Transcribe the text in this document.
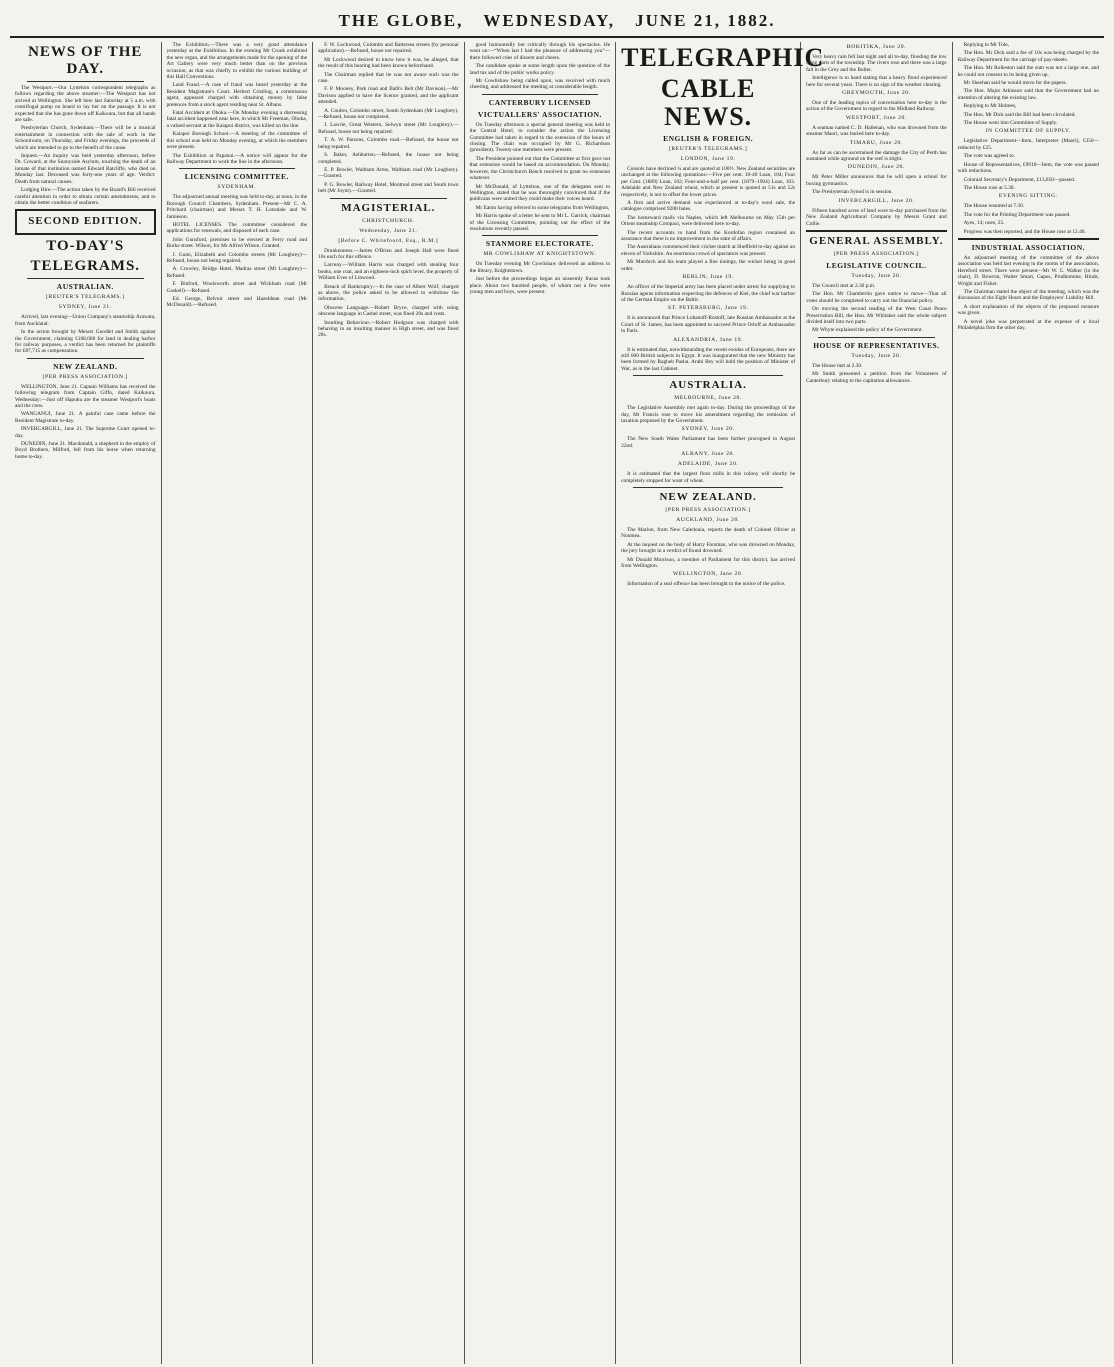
THE GLOBE, WEDNESDAY, JUNE 21, 1882.
NEWS OF THE DAY.

The Westport.—Our Lyttelton correspondent telegraphs as follows regarding the above steamer:—The Westport has not arrived at Wellington. She left here last Saturday at 5 a.m. with centrifugal pump on board to lay her on the passage. It is not expected that she has gone down off Kaikoura, but that all hands are safe.

Presbyterian Church, Sydenham.—There will be a musical entertainment in connection with the sale of work in the Schoolroom, on Thursday, and Friday evenings, the proceeds of which are intended to go to the benefit of the cause.

Inquest.—An inquiry was held yesterday afternoon, before Dr. Coward, at the Sunnyside Asylum, touching the death of an inmate of that institution named Edward Ratcliffe, who died on Monday last. Deceased was forty-one years of age. Verdict: Death from natural causes.

Lodging Hire.—The action taken by the Board's Bill received careful attention in order to obtain certain amendments, and to obtain the better condition of seafarers.

SECOND EDITION.
TO-DAY'S
TELEGRAMS.
AUSTRALIAN.
[REUTER'S TELEGRAMS.]
SYDNEY, June 21.

Arrived, last evening—Union Company's steamship Arawata, from Auckland.

In the action brought by Messrs Goodlet and Smith against the Government, claiming £168,000 for land in dealing harbor for railway purposes, a verdict has been returned for plaintiffs for £87,715 as compensation.

NEW ZEALAND.
[PER PRESS ASSOCIATION.]

WELLINGTON, June 21. Captain Williams has received the following telegram from Captain Giffo, dated Kaikoura, Wednesday:—Just off Hapuku are the steamer Westport's boats and the crew.

WANGANUI, June 21. A painful case came before the Resident Magistrate to-day.

INVERCARGILL, June 21. The Supreme Court opened to-day.

DUNEDIN, June 21. Macdonald, a shepherd in the employ of Boyd Brothers, Milford, fell from his horse when returning home to-day.

The Exhibition.—There was a very good attendance yesterday at the Exhibition. In the evening Mr Crook exhibited the new organ, and the arrangements made for the opening of the Art Gallery were very much better than on the previous occasion, as that was chiefly to exhibit the various building of this Hall Conventions.

Land Fraud.—A case of fraud was heard yesterday at the Resident Magistrate's Court. Herbert Cristling, a commission agent, appeared charged with obtaining money by false pretences from a stock agent residing near St. Albans.

Fatal Accident at Ohoka.—On Monday evening a distressing fatal accident happened near here, in which Mr Freeman, Ohoka, a valued servant at the Kaiapoi district, was killed on the line.

Kaiapoi Borough School.—A meeting of the committee of this school was held on Monday evening, at which the members were present.

The Exhibition at Papanui.—A notice will appear for the Railway Department to work the line in the afternoon.

LICENSING COMMITTEE.
SYDENHAM.

The adjourned annual meeting was held to-day, at noon, in the Borough Council Chambers, Sydenham. Present—Mr C. A. Pritchard (chairman) and Messrs T. H. Lonsdale and W. Jamieson.

HOTEL LICENSES. The committee considered the applications for renewals, and disposed of each case.

John Gunsford, premises to be erected at Ferry road and Burke street. Wilson, for Mr Alfred Wilson. Granted.

J. Gunn, Elizabeth and Colombo streets (Mr Loughrey)—Refused, house not being repaired.

A. Crowley, Bridge Hotel, Madras street (Mr Loughrey)—Refused.

F. Binford, Woolsworth street and Wickham road (Mr Gaskell).—Refused.

Ed. George, Belvoir street and Hazeldean road (Mr McDonald).—Refused.

F. W. Lockwood, Colombo and Battersea streets (by personal application).—Refused, house not repaired.

Mr Lockwood desired to know how it was, he alleged, that the result of this hearing had been known beforehand.

The Chairman replied that he was not aware such was the case.

F. P. Mooney, Park road and Bath's Belt (Mr Davison).—Mr Davison applied to have the licence granted, and the applicant attended.

A. Coubro, Colombo street, South Sydenham (Mr Loughrey).—Refused, house not completed.

J. Lawrie, Great Western, Selwyn street (Mr Loughrey).—Refused, house not being repaired.

T. A. W. Parsons, Colombo road.—Refused, the house not being repaired.

S. Baker, Ashburton.—Refused, the house not being completed.

E. P. Bowler, Waltham Arms, Waltham road (Mr Loughrey).—Granted.

P. G. Bowler, Railway Hotel, Montreal street and South town belt (Mr Joynt).—Granted.

MAGISTERIAL.
CHRISTCHURCH.
Wednesday, June 21.
[Before C. Whitefoord, Esq., R.M.]

Drunkenness.—James O'Brien and Joseph Hall were fined 10s each for this offence.

Larceny.—William Harris was charged with stealing four books, one coat, and an eighteen-inch spirit level, the property of William Eves of Linwood.

Breach of Bankruptcy.—In the case of Albert Wolf, charged as above, the police asked to be allowed to withdraw the information.

Obscene Language.—Robert Bryce, charged with using obscene language in Cashel street, was fined 20s and costs.

Insulting Behaviour.—Robert Hodgson was charged with behaving in an insulting manner in High street, and was fined 20s.

good humouredly but critically through his spectacles. He went on:—“When last I had the pleasure of addressing you”—there followed cries of dissent and cheers.

The candidate spoke at some length upon the question of the land tax and of the public works policy.

Mr Cowlishaw being called upon, was received with much cheering, and addressed the meeting at considerable length.

CANTERBURY LICENSED
VICTUALLERS' ASSOCIATION.

On Tuesday afternoon a special general meeting was held in the Central Hotel, to consider the action the Licensing Committee had taken in regard to the extension of the hours of closing. The chair was occupied by Mr G. Richardson (president). Twenty-one members were present.

The President pointed out that the Committee at first gave out that extension would be based on accommodation. On Monday, however, the Christchurch Bench resolved to grant no extension whatever.

Mr McDonald, of Lyttelton, one of the delegates sent to Wellington, stated that he was thoroughly convinced that if the publicans were united they could make their voices heard.

Mr Eaton having referred to some telegrams from Wellington,

Mr Harris spoke of a letter he sent to Mr L. Garrick, chairman of the Licensing Committee, pointing out the effect of the resolutions recently passed.

STANMORE ELECTORATE.
MR COWLISHAW AT KNIGHTSTOWN.

On Tuesday evening Mr Cowlishaw delivered an address in the library, Knightstown.

Just before the proceedings began an unseemly fracas took place. About two hundred people, of whom not a few were young men and boys, were present.

TELEGRAPHIC
CABLE NEWS.
ENGLISH & FOREIGN.
[REUTER'S TELEGRAMS.]
LONDON, June 19.

Consols have declined ¼ and are quoted at 100½. New Zealand securities are unchanged at the following quotations:—Five per cent. 10-40 Loan, 104; Four per Cent. (1889) Loan, 102; Four-and-a-half per cent. (1879–1904) Loan, 103. Adelaide and New Zealand wheat, which at present is quoted at 51s and 52s respectively, is not to offset the lower prices.

A firm and active demand was experienced at to-day's wool sale, the catalogue comprised 9200 bales.

The homeward mails via Naples, which left Melbourne on May 15th per Orient steamship Cotopaxi, were delivered here to-day.

The recent accounts to hand from the Kordofan region contained an assurance that there is no improvement in the state of affairs.

The Australians commenced their cricket match at Sheffield to-day against an eleven of Yorkshire. An enormous crowd of spectators was present.

Mr Murdoch and his team played a fine innings, the wicket being in good order.

BERLIN, June 19.

An officer of the Imperial army has been placed under arrest for supplying to Russian agents information respecting the defences of Kiel, the chief war harbor of the German Empire on the Baltic.

ST. PETERSBURG, June 19.

It is announced that Prince Lobanoff-Rostoff, late Russian Ambassador at the Court of St. James, has been appointed to succeed Prince Orloff as Ambassador to Paris.

ALEXANDRIA, June 19.

It is estimated that, notwithstanding the recent exodus of Europeans, there are still 600 British subjects in Egypt. It was inaugurated that the new Ministry has been formed by Ragheb Pasha. Arabi Bey will hold the position of Minister of War, as in the last Cabinet.

AUSTRALIA.
MELBOURNE, June 20.

The Legislative Assembly met again to-day. During the proceedings of the day, Mr Francis rose to move his amendment regarding the remission of taxation proposed by the Government.

SYDNEY, June 20.

The New South Wales Parliament has been further prorogued to August 22nd.

ALBANY, June 20.
ADELAIDE, June 20.

It is estimated that the largest flour mills in this colony will shortly be completely stopped for want of wheat.

NEW ZEALAND.
[PER PRESS ASSOCIATION.]
AUCKLAND, June 20.

The Marion, from New Caledonia, reports the death of Colonel Olivier at Noumea.

At the inquest on the body of Harry Forsman, who was drowned on Monday, the jury brought in a verdict of found drowned.

Mr Donald Morrison, a member of Parliament for this district, has arrived from Wellington.

WELLINGTON, June 20.

Information of a seal offence has been brought to the notice of the police.

HOKITIKA, June 20.

Very heavy rain fell last night and all to-day, flooding the low lying parts of the township. The rivers rose and there was a large fall in the Grey and the Buller.

Intelligence is to hand stating that a heavy flood experienced here for several years. There is no sign of the weather clearing.

GREYMOUTH, June 20.

One of the leading topics of conversation here to-day is the action of the Government in regard to the Midland Railway.

WESTPORT, June 20.

A seaman named C. D. Hallenan, who was drowned from the steamer Maori, was buried here to-day.

TIMARU, June 20.

As far as can be ascertained the damage the City of Perth has sustained while aground on the reef is slight.

DUNEDIN, June 20.

Mr Peter Miller announces that he will open a school for boxing gymnastics.

The Presbyterian Synod is in session.

INVERCARGILL, June 20.

Fifteen hundred acres of land were to-day purchased from the New Zealand Agricultural Company by Messrs Grant and Collie.

GENERAL ASSEMBLY.
[PER PRESS ASSOCIATION.]
LEGISLATIVE COUNCIL.
Tuesday, June 20.

The Council met at 2.30 p.m.

The Hon. Mr Chamberlin gave notice to move—That all votes should be completed to carry out the financial policy.

On moving the second reading of the West Coast Peace Preservation Bill, the Hon. Mr Whitaker said the whole subject divided itself into two parts.

Mr Whyte explained the policy of the Government.

HOUSE OF REPRESENTATIVES.
Tuesday, June 20.

The House met at 2.30.

Mr Smith presented a petition from the Volunteers of Canterbury relating to the capitation allowances.

Replying to Mr Tole,

The Hon. Mr Dick said a fee of 10s was being charged by the Railway Department for the carriage of pay-sheets.

The Hon. Mr Rolleston said the sum was not a large one, and he could not consent to its being given up.

Mr Sheehan said he would move for the papers.

The Hon. Major Atkinson said that the Government had no intention of altering the existing law.

Replying to Mr Holmes,

The Hon. Mr Dick said the Bill had been circulated.

The House went into Committee of Supply.

IN COMMITTEE OF SUPPLY.

Legislative Department—Item, Interpreter (Maori), £350—reduced by £25.

The vote was agreed to.

House of Representatives, £9910—Item, the vote was passed with reductions.

Colonial Secretary's Department, £13,850—passed.

The House rose at 5.30.

EVENING SITTING.

The House resumed at 7.30.

The vote for the Printing Department was passed.

Ayes, 14; noes, 25.

Progress was then reported, and the House rose at 12.40.

INDUSTRIAL ASSOCIATION.

An adjourned meeting of the committee of the above association was held last evening in the rooms of the association, Hereford street. There were present—Mr W. C. Walker (in the chair), D. Bowron, Walter Smart, Gapes, Prudhomme, Hinds, Wright and Fisher.

The Chairman stated the object of the meeting, which was the discussion of the Eight Hours and the Employers' Liability Bill.

A short explanation of the objects of the proposed measure was given.

A novel joke was perpetrated at the expense of a local Philadelphia firm the other day.
